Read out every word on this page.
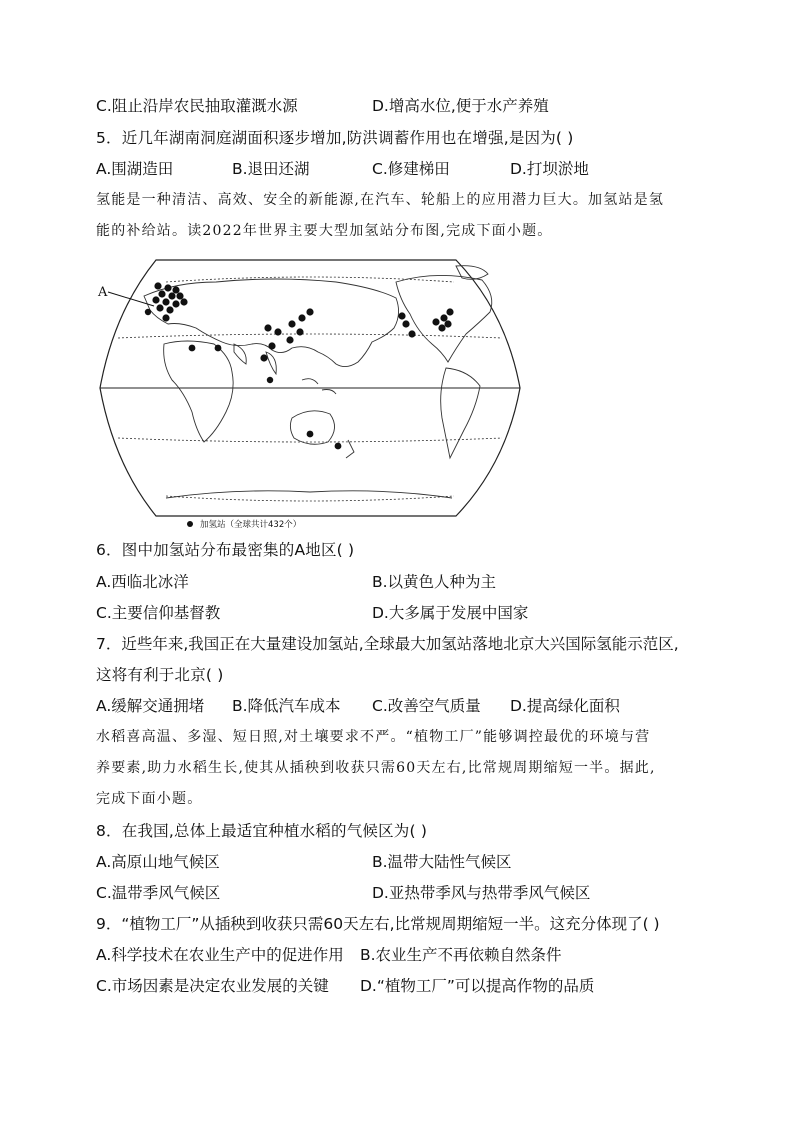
C.阻止沿岸农民抽取灌溉水源	D.增高水位,便于水产养殖
5．近几年湖南洞庭湖面积逐步增加,防洪调蓄作用也在增强,是因为( )
A.围湖造田	B.退田还湖	C.修建梯田	D.打坝淤地
氢能是一种清洁、高效、安全的新能源,在汽车、轮船上的应用潜力巨大。加氢站是氢
能的补给站。读2022年世界主要大型加氢站分布图,完成下面小题。
A
加氢站（全球共计432个）
6．图中加氢站分布最密集的A地区( )
A.西临北冰洋	B.以黄色人种为主
C.主要信仰基督教	D.大多属于发展中国家
7．近些年来,我国正在大量建设加氢站,全球最大加氢站落地北京大兴国际氢能示范区,
这将有利于北京( )
A.缓解交通拥堵 B.降低汽车成本 C.改善空气质量 D.提高绿化面积
水稻喜高温、多湿、短日照,对土壤要求不严。“植物工厂”能够调控最优的环境与营
养要素,助力水稻生长,使其从插秧到收获只需60天左右,比常规周期缩短一半。据此,
完成下面小题。
8．在我国,总体上最适宜种植水稻的气候区为( )
A.高原山地气候区	B.温带大陆性气候区
C.温带季风气候区	D.亚热带季风与热带季风气候区
9．“植物工厂”从插秧到收获只需60天左右,比常规周期缩短一半。这充分体现了( )
A.科学技术在农业生产中的促进作用 B.农业生产不再依赖自然条件
C.市场因素是决定农业发展的关键 D.“植物工厂”可以提高作物的品质
